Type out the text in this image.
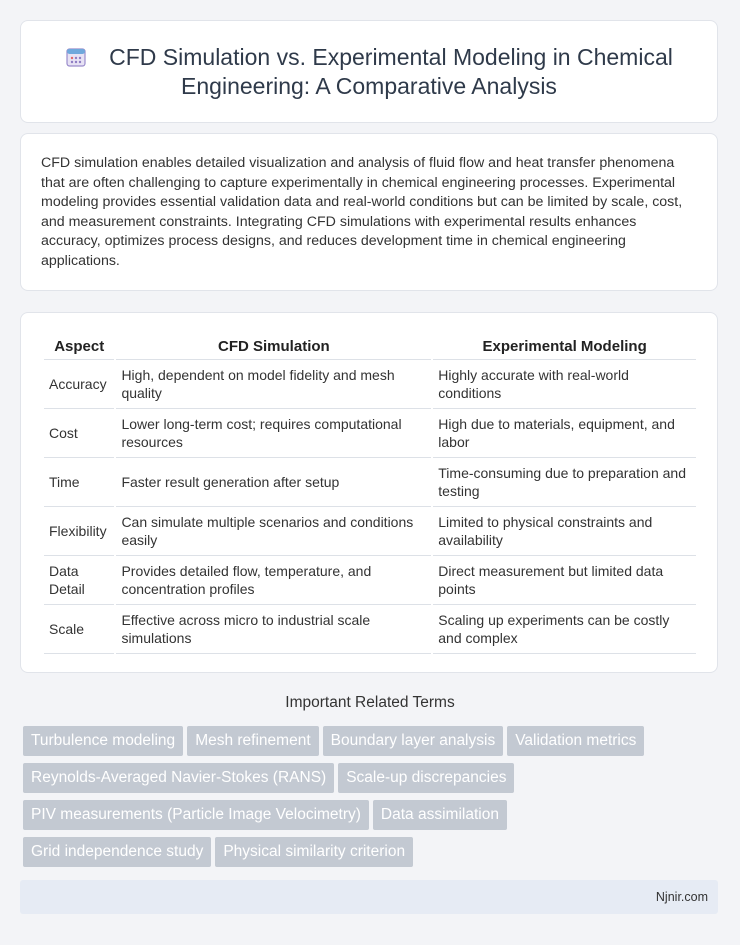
CFD Simulation vs. Experimental Modeling in Chemical
Engineering: A Comparative Analysis
CFD simulation enables detailed visualization and analysis of fluid flow and heat transfer phenomena that are often challenging to capture experimentally in chemical engineering processes. Experimental modeling provides essential validation data and real-world conditions but can be limited by scale, cost, and measurement constraints. Integrating CFD simulations with experimental results enhances accuracy, optimizes process designs, and reduces development time in chemical engineering applications.
Aspect	CFD Simulation	Experimental Modeling
Accuracy	High, dependent on model fidelity and mesh quality	Highly accurate with real-world conditions
Cost	Lower long-term cost; requires computational resources	High due to materials, equipment, and labor
Time	Faster result generation after setup	Time-consuming due to preparation and testing
Flexibility	Can simulate multiple scenarios and conditions easily	Limited to physical constraints and availability
Data Detail	Provides detailed flow, temperature, and concentration profiles	Direct measurement but limited data points
Scale	Effective across micro to industrial scale simulations	Scaling up experiments can be costly and complex
Important Related Terms
Turbulence modeling Mesh refinement Boundary layer analysis Validation metrics
Reynolds-Averaged Navier-Stokes (RANS) Scale-up discrepancies
PIV measurements (Particle Image Velocimetry) Data assimilation
Grid independence study Physical similarity criterion
Njnir.com
